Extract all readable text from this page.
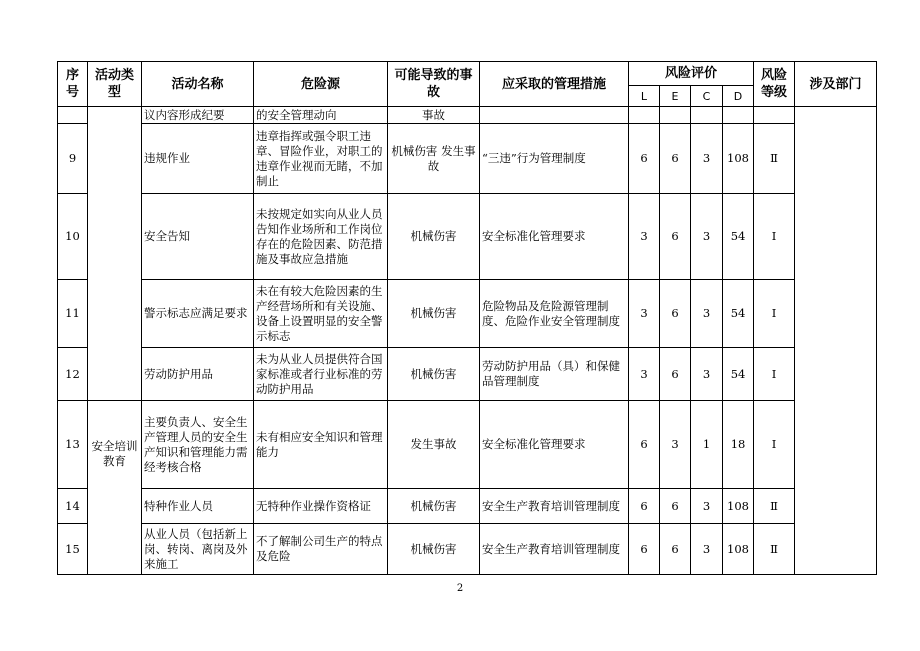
序号	活动类型	活动名称	危险源	可能导致的事故	应采取的管理措施	风险评价				风险等级	涉及部门
						L	E	C	D		
		议内容形成纪要	的安全管理动向	事故							
9		违规作业	违章指挥或强令职工违章、冒险作业，对职工的违章作业视而无睹，不加制止	机械伤害 发生事故	“三违”行为管理制度	6	6	3	108	Ⅱ	
10		安全告知	未按规定如实向从业人员告知作业场所和工作岗位存在的危险因素、防范措施及事故应急措施	机械伤害	安全标准化管理要求	3	6	3	54	Ⅰ	
11		警示标志应满足要求	未在有较大危险因素的生产经营场所和有关设施、设备上设置明显的安全警示标志	机械伤害	危险物品及危险源管理制度、危险作业安全管理制度	3	6	3	54	Ⅰ	
12		劳动防护用品	未为从业人员提供符合国家标准或者行业标准的劳动防护用品	机械伤害	劳动防护用品（具）和保健品管理制度	3	6	3	54	Ⅰ	
13	安全培训教育	主要负责人、安全生产管理人员的安全生产知识和管理能力需经考核合格	未有相应安全知识和管理能力	发生事故	安全标准化管理要求	6	3	1	18	Ⅰ	
14		特种作业人员	无特种作业操作资格证	机械伤害	安全生产教育培训管理制度	6	6	3	108	Ⅱ	
15		从业人员（包括新上岗、转岗、离岗及外来施工	不了解制公司生产的特点及危险	机械伤害	安全生产教育培训管理制度	6	6	3	108	Ⅱ	
2
